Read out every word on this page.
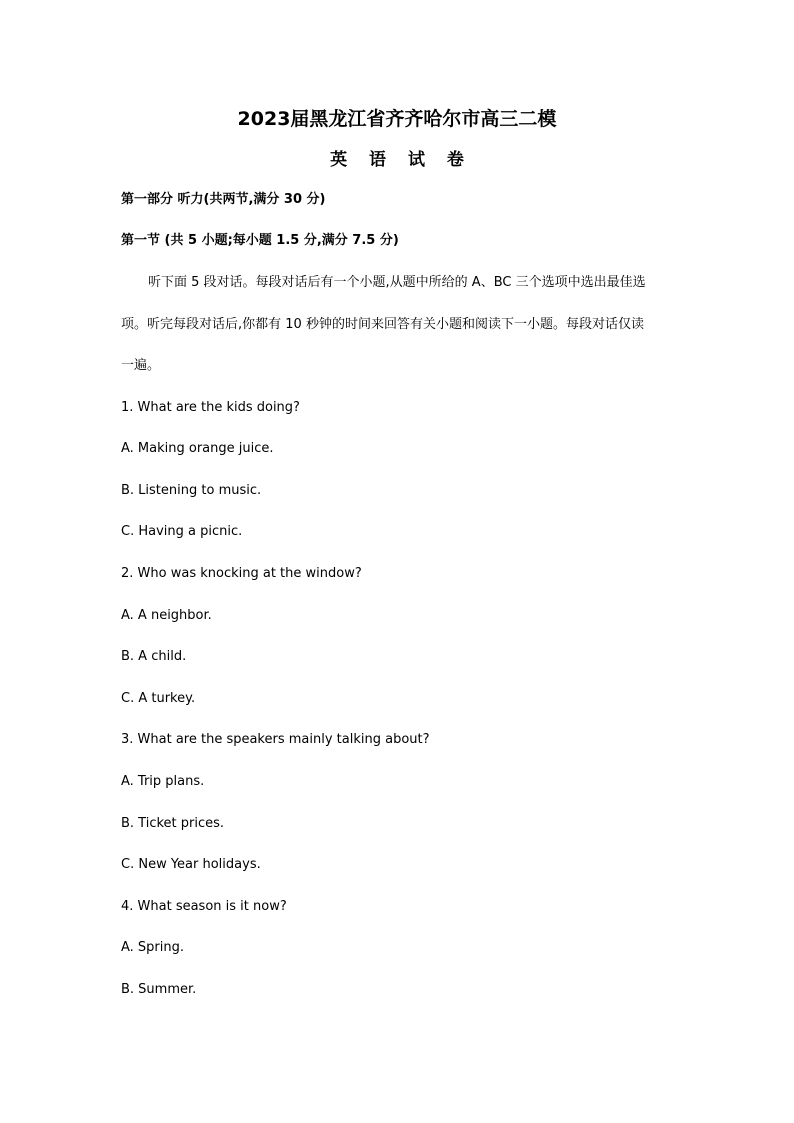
2023届黑龙江省齐齐哈尔市高三二模
英 语 试 卷
第一部分 听力(共两节,满分 30 分)
第一节 (共 5 小题;每小题 1.5 分,满分 7.5 分)
听下面 5 段对话。每段对话后有一个小题,从题中所给的 A、BC 三个选项中选出最佳选
项。听完每段对话后,你都有 10 秒钟的时间来回答有关小题和阅读下一小题。每段对话仅读
一遍。
1. What are the kids doing?
A. Making orange juice.
B. Listening to music.
C. Having a picnic.
2. Who was knocking at the window?
A. A neighbor.
B. A child.
C. A turkey.
3. What are the speakers mainly talking about?
A. Trip plans.
B. Ticket prices.
C. New Year holidays.
4. What season is it now?
A. Spring.
B. Summer.
